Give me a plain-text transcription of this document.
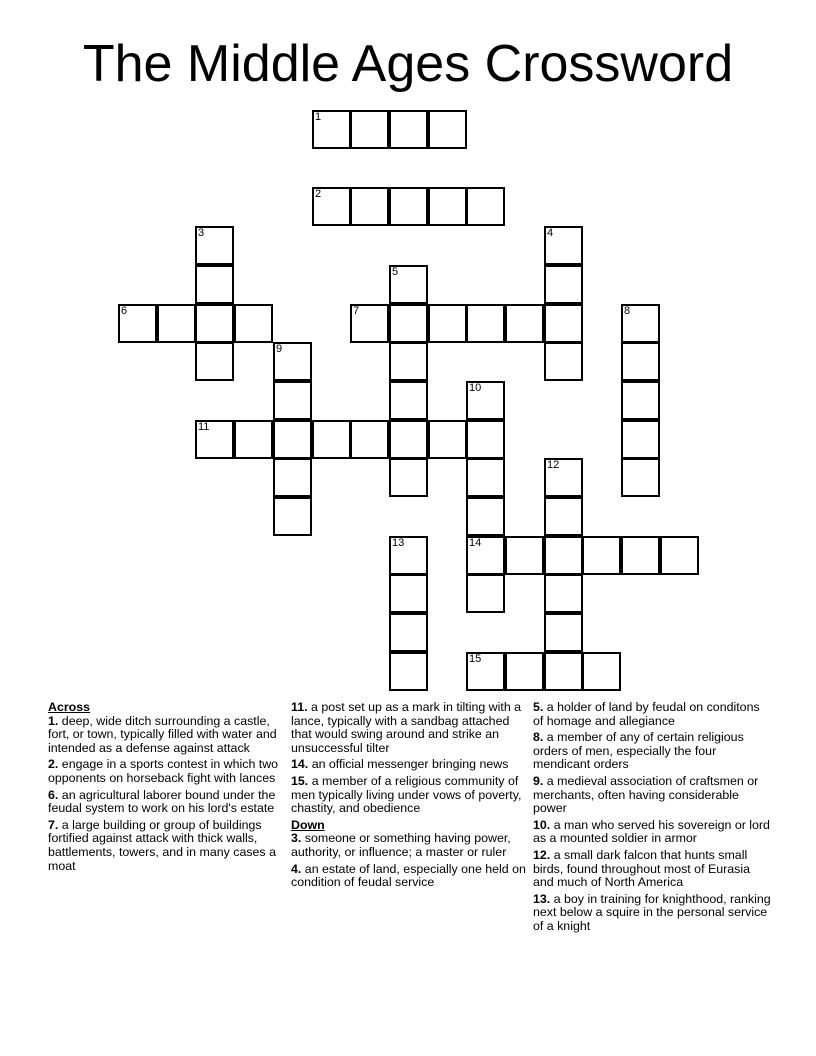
The Middle Ages Crossword
1
2
3	4
5
6	7	8
9
10
11
12
13	14
15
Across
1. deep, wide ditch surrounding a castle, fort, or town, typically filled with water and intended as a defense against attack
2. engage in a sports contest in which two opponents on horseback fight with lances
6. an agricultural laborer bound under the feudal system to work on his lord's estate
7. a large building or group of buildings fortified against attack with thick walls, battlements, towers, and in many cases a moat
11. a post set up as a mark in tilting with a lance, typically with a sandbag attached that would swing around and strike an unsuccessful tilter
14. an official messenger bringing news
15. a member of a religious community of men typically living under vows of poverty, chastity, and obedience
Down
3. someone or something having power, authority, or influence; a master or ruler
4. an estate of land, especially one held on condition of feudal service
5. a holder of land by feudal on conditons of homage and allegiance
8. a member of any of certain religious orders of men, especially the four mendicant orders
9. a medieval association of craftsmen or merchants, often having considerable power
10. a man who served his sovereign or lord as a mounted soldier in armor
12. a small dark falcon that hunts small birds, found throughout most of Eurasia and much of North America
13. a boy in training for knighthood, ranking next below a squire in the personal service of a knight
